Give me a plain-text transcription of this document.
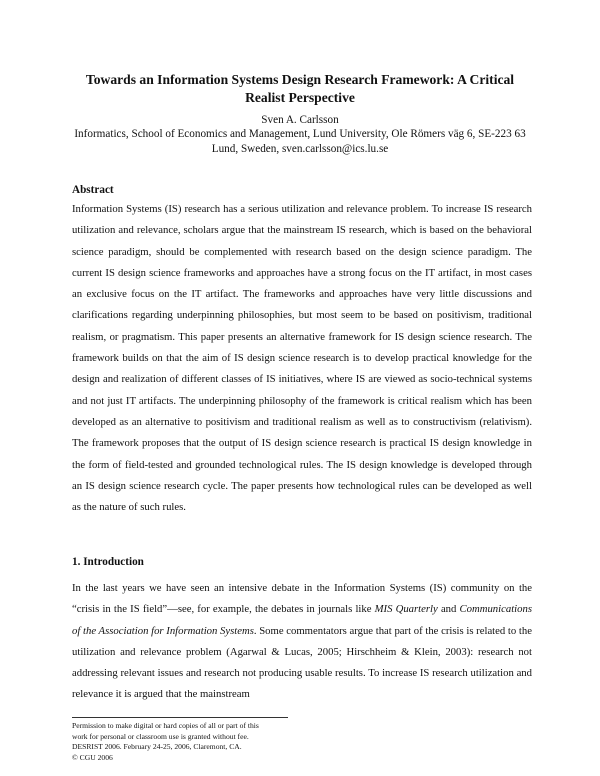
Towards an Information Systems Design Research Framework: A Critical Realist Perspective
Sven A. Carlsson
Informatics, School of Economics and Management, Lund University, Ole Römers väg 6, SE-223 63 Lund, Sweden, sven.carlsson@ics.lu.se
Abstract

Information Systems (IS) research has a serious utilization and relevance problem. To increase IS research utilization and relevance, scholars argue that the mainstream IS research, which is based on the behavioral science paradigm, should be complemented with research based on the design science paradigm. The current IS design science frameworks and approaches have a strong focus on the IT artifact, in most cases an exclusive focus on the IT artifact. The frameworks and approaches have very little discussions and clarifications regarding underpinning philosophies, but most seem to be based on positivism, traditional realism, or pragmatism. This paper presents an alternative framework for IS design science research. The framework builds on that the aim of IS design science research is to develop practical knowledge for the design and realization of different classes of IS initiatives, where IS are viewed as socio-technical systems and not just IT artifacts. The underpinning philosophy of the framework is critical realism which has been developed as an alternative to positivism and traditional realism as well as to constructivism (relativism). The framework proposes that the output of IS design science research is practical IS design knowledge in the form of field-tested and grounded technological rules. The IS design knowledge is developed through an IS design science research cycle. The paper presents how technological rules can be developed as well as the nature of such rules.

1. Introduction

In the last years we have seen an intensive debate in the Information Systems (IS) community on the “crisis in the IS field”—see, for example, the debates in journals like MIS Quarterly and Communications of the Association for Information Systems. Some commentators argue that part of the crisis is related to the utilization and relevance problem (Agarwal & Lucas, 2005; Hirschheim & Klein, 2003): research not addressing relevant issues and research not producing usable results. To increase IS research utilization and relevance it is argued that the mainstream

Permission to make digital or hard copies of all or part of this
work for personal or classroom use is granted without fee.
DESRIST 2006. February 24-25, 2006, Claremont, CA.
© CGU 2006
